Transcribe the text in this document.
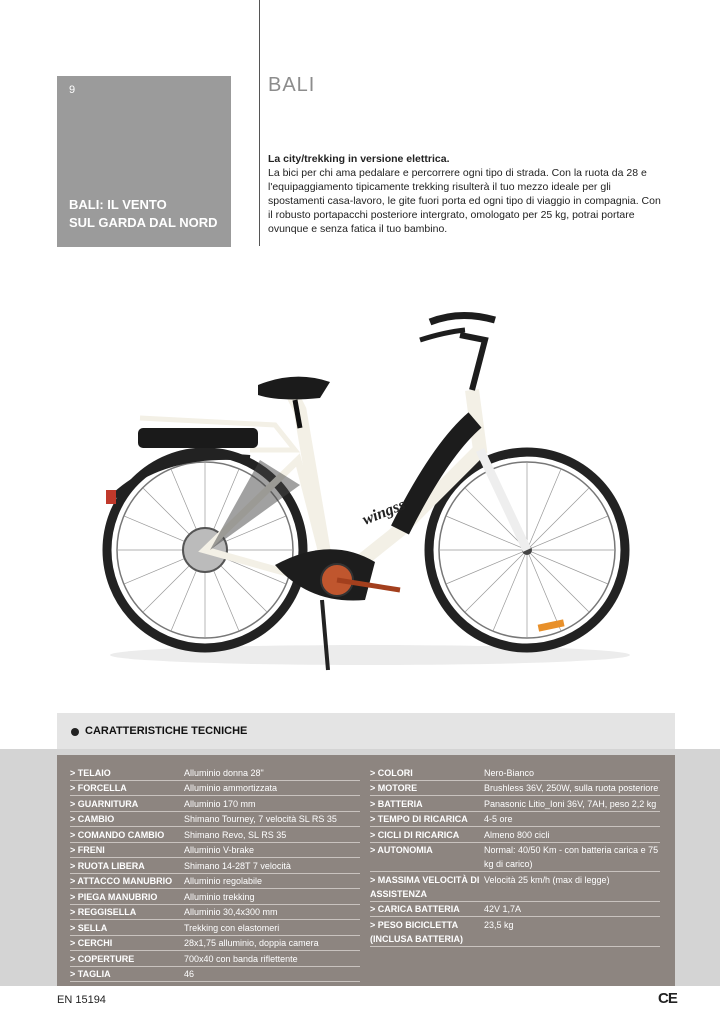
9
BALI: IL VENTO
SUL GARDA DAL NORD
BALI
La city/trekking in versione elettrica.
La bici per chi ama pedalare e percorrere ogni tipo di strada. Con la ruota da 28 e l'equipaggiamento tipicamente trekking risulterà il tuo mezzo ideale per gli spostamenti casa-lavoro, le gite fuori porta ed ogni tipo di viaggio in compagnia. Con il robusto portapacchi posteriore intergrato, omologato per 25 kg, potrai portare ovunque e senza fatica il tuo bambino.
wingss
CARATTERISTICHE TECNICHE
> TELAIO	Alluminio donna 28"
> FORCELLA	Alluminio ammortizzata
> GUARNITURA	Alluminio 170 mm
> CAMBIO	Shimano Tourney, 7 velocità SL RS 35
> COMANDO CAMBIO	Shimano Revo, SL RS 35
> FRENI	Alluminio V-brake
> RUOTA LIBERA	Shimano 14-28T 7 velocità
> ATTACCO MANUBRIO	Alluminio regolabile
> PIEGA MANUBRIO	Alluminio trekking
> REGGISELLA	Alluminio 30,4x300 mm
> SELLA	Trekking con elastomeri
> CERCHI	28x1,75 alluminio, doppia camera
> COPERTURE	700x40 con banda riflettente
> TAGLIA	46
> COLORI	Nero-Bianco
> MOTORE	Brushless 36V, 250W, sulla ruota posteriore
> BATTERIA	Panasonic Litio_Ioni 36V, 7AH, peso 2,2 kg
> TEMPO DI RICARICA	4-5 ore
> CICLI DI RICARICA	Almeno 800 cicli
> AUTONOMIA	Normal: 40/50 Km - con batteria carica e 75 kg di carico)
> MASSIMA VELOCITÀ DI ASSISTENZA
Velocità 25 km/h (max di legge)
> CARICA BATTERIA	42V 1,7A
> PESO BICICLETTA (INCLUSA BATTERIA)
23,5 kg
EN 15194	CE
